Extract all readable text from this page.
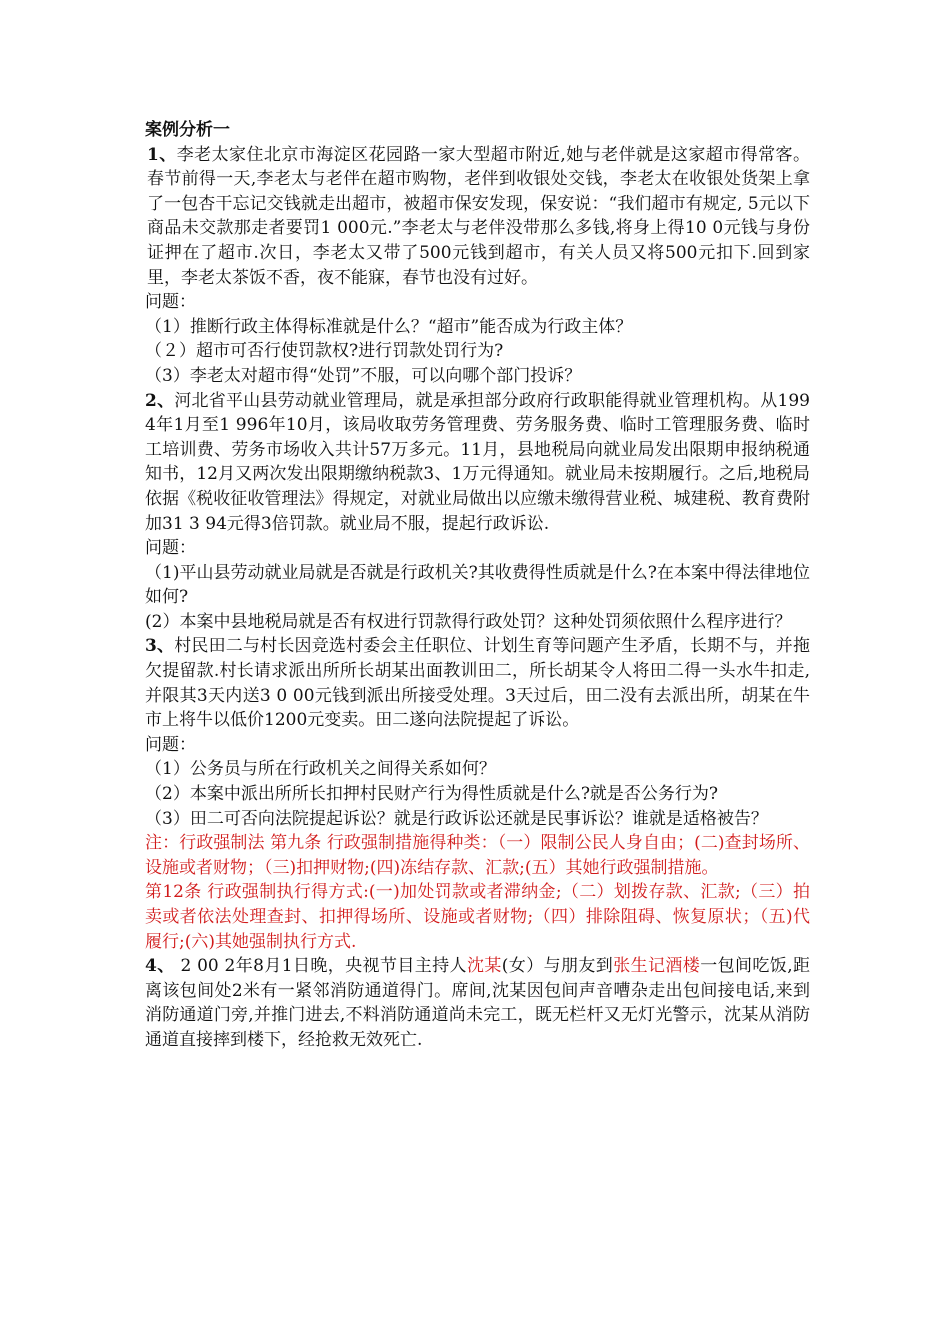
案例分析一

1、李老太家住北京市海淀区花园路一家大型超市附近,她与老伴就是这家超市得常客。春节前得一天,李老太与老伴在超市购物，老伴到收银处交钱，李老太在收银处货架上拿了一包杏干忘记交钱就走出超市，被超市保安发现，保安说：“我们超市有规定, 5元以下商品未交款那走者要罚1 000元.”李老太与老伴没带那么多钱,将身上得10 0元钱与身份证押在了超市.次日，李老太又带了500元钱到超市，有关人员又将500元扣下.回到家里，李老太茶饭不香，夜不能寐，春节也没有过好。

问题：

（1）推断行政主体得标准就是什么？“超市”能否成为行政主体？

（２）超市可否行使罚款权?进行罚款处罚行为?

（3）李老太对超市得“处罚”不服，可以向哪个部门投诉？

2、河北省平山县劳动就业管理局，就是承担部分政府行政职能得就业管理机构。从199 4年1月至1 996年10月，该局收取劳务管理费、劳务服务费、临时工管理服务费、临时工培训费、劳务市场收入共计57万多元。11月，县地税局向就业局发出限期申报纳税通知书，12月又两次发出限期缴纳税款3、1万元得通知。就业局未按期履行。之后,地税局依据《税收征收管理法》得规定，对就业局做出以应缴未缴得营业税、城建税、教育费附加31 3 94元得3倍罚款。就业局不服，提起行政诉讼.

问题：

（1)平山县劳动就业局就是否就是行政机关?其收费得性质就是什么?在本案中得法律地位如何?

(2）本案中县地税局就是否有权进行罚款得行政处罚？这种处罚须依照什么程序进行？

3、村民田二与村长因竞选村委会主任职位、计划生育等问题产生矛盾，长期不与，并拖欠提留款.村长请求派出所所长胡某出面教训田二，所长胡某令人将田二得一头水牛扣走,并限其3天内送3 0 00元钱到派出所接受处理。3天过后，田二没有去派出所，胡某在牛市上将牛以低价1200元变卖。田二遂向法院提起了诉讼。

问题：

（1）公务员与所在行政机关之间得关系如何？

（2）本案中派出所所长扣押村民财产行为得性质就是什么?就是否公务行为?

（3）田二可否向法院提起诉讼？就是行政诉讼还就是民事诉讼？谁就是适格被告？

注：行政强制法 第九条 行政强制措施得种类：（一）限制公民人身自由；(二)查封场所、设施或者财物；（三)扣押财物;(四)冻结存款、汇款;(五）其她行政强制措施。

第12条 行政强制执行得方式:(一)加处罚款或者滞纳金;（二）划拨存款、汇款;（三）拍卖或者依法处理查封、扣押得场所、设施或者财物;（四）排除阻碍、恢复原状；（五)代履行;(六)其她强制执行方式.

4、 2 00 2年8月1日晚，央视节目主持人沈某(女）与朋友到张生记酒楼一包间吃饭,距离该包间处2米有一紧邻消防通道得门。席间,沈某因包间声音嘈杂走出包间接电话,来到消防通道门旁,并推门进去,不料消防通道尚未完工，既无栏杆又无灯光警示，沈某从消防通道直接摔到楼下，经抢救无效死亡.
